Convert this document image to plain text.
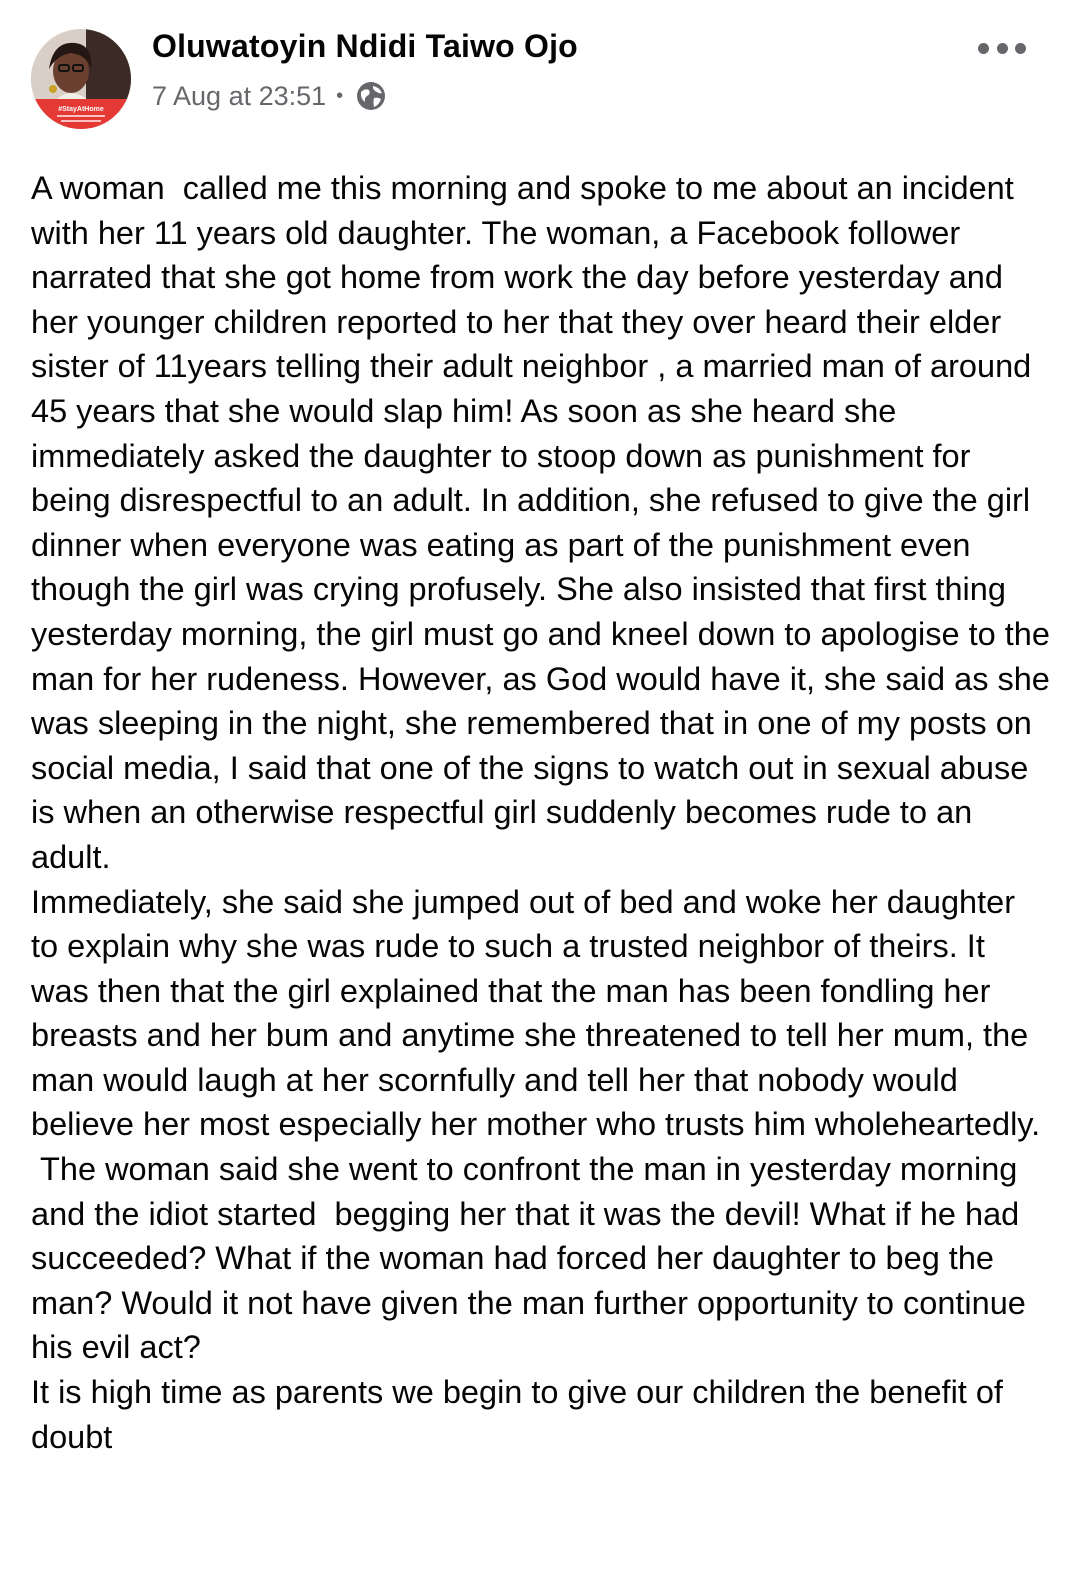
#StayAtHome
Oluwatoyin Ndidi Taiwo Ojo
7 Aug at 23:51 •

A woman  called me this morning and spoke to me about an incident with her 11 years old daughter. The woman, a Facebook follower narrated that she got home from work the day before yesterday and her younger children reported to her that they over heard their elder sister of 11years telling their adult neighbor , a married man of around 45 years that she would slap him! As soon as she heard she immediately asked the daughter to stoop down as punishment for being disrespectful to an adult. In addition, she refused to give the girl dinner when everyone was eating as part of the punishment even though the girl was crying profusely. She also insisted that first thing yesterday morning, the girl must go and kneel down to apologise to the man for her rudeness. However, as God would have it, she said as she was sleeping in the night, she remembered that in one of my posts on social media, I said that one of the signs to watch out in sexual abuse is when an otherwise respectful girl suddenly becomes rude to an adult.

Immediately, she said she jumped out of bed and woke her daughter to explain why she was rude to such a trusted neighbor of theirs. It was then that the girl explained that the man has been fondling her breasts and her bum and anytime she threatened to tell her mum, the man would laugh at her scornfully and tell her that nobody would believe her most especially her mother who trusts him wholeheartedly.

The woman said she went to confront the man in yesterday morning and the idiot started  begging her that it was the devil! What if he had succeeded? What if the woman had forced her daughter to beg the man? Would it not have given the man further opportunity to continue his evil act?

It is high time as parents we begin to give our children the benefit of doubt
